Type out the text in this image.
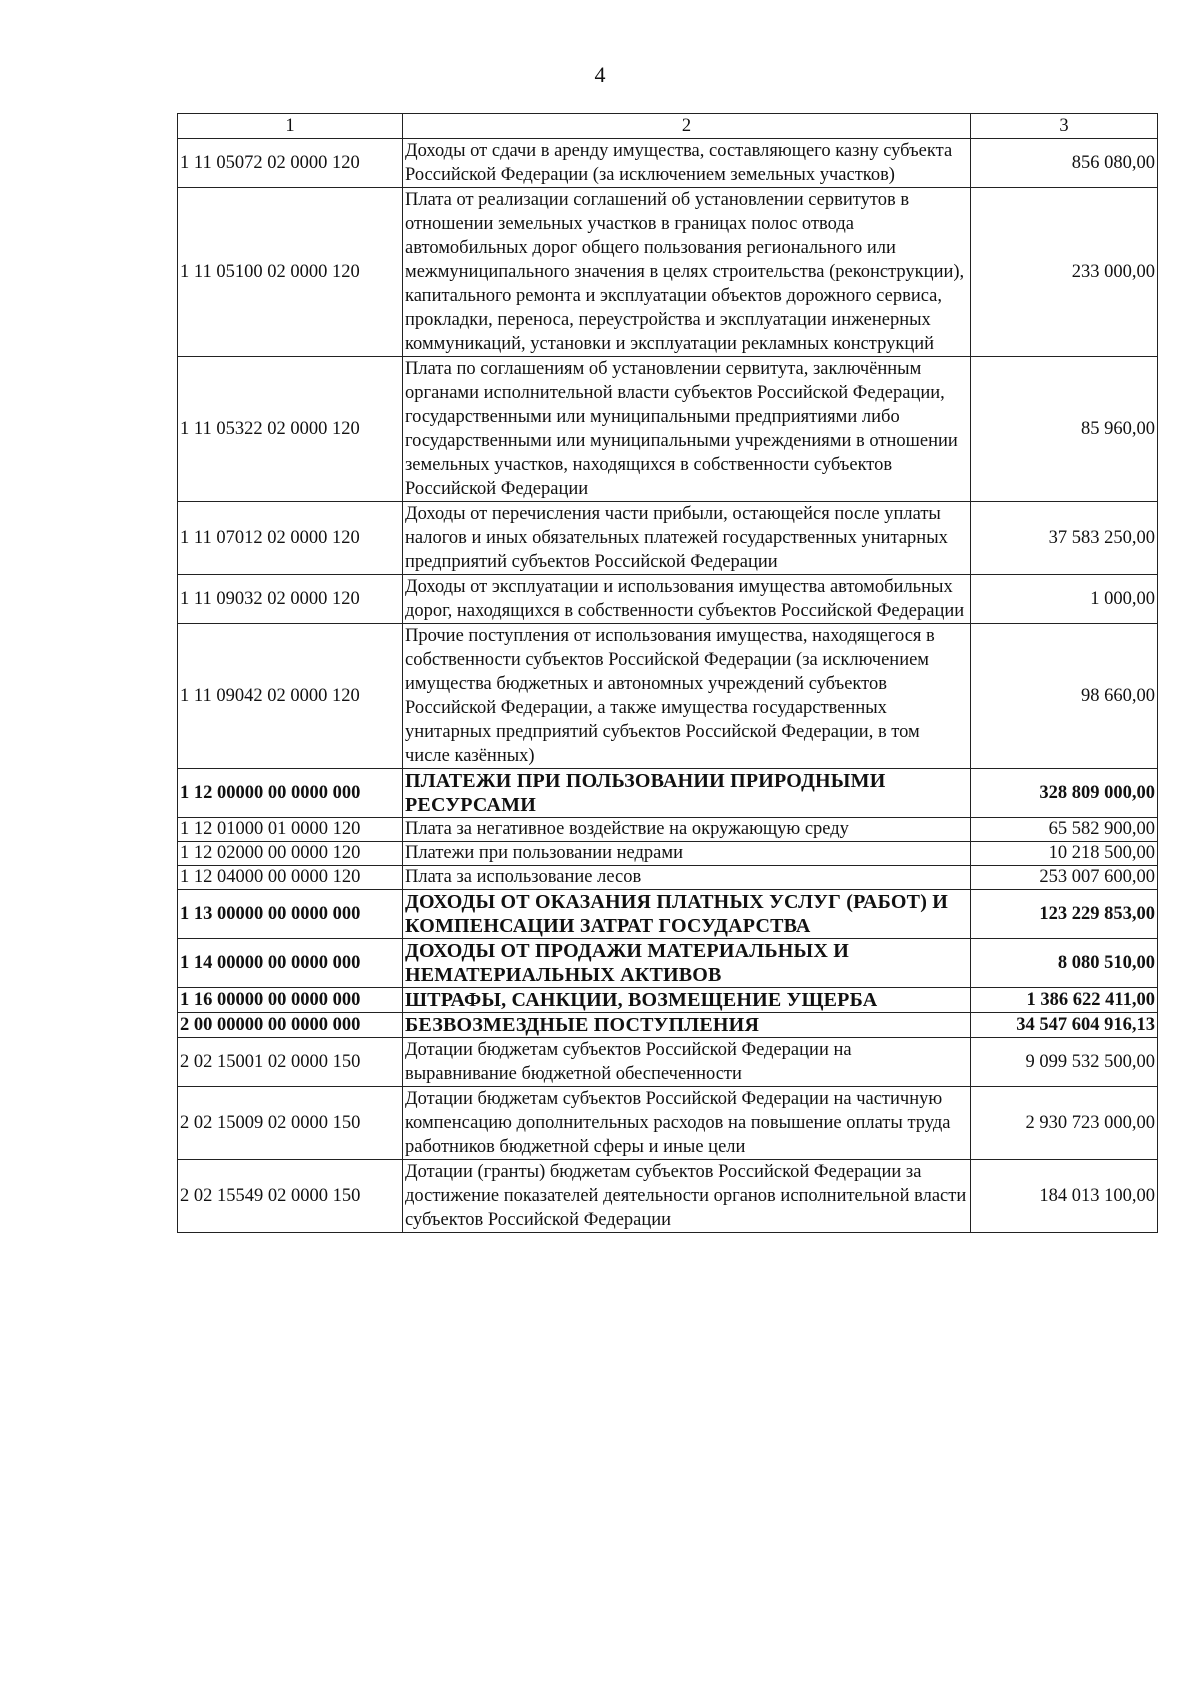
4
1	2	3
1 11 05072 02 0000 120	Доходы от сдачи в аренду имущества, составляющего казну субъекта Российской Федерации (за исключением земельных участков)	856 080,00
1 11 05100 02 0000 120	Плата от реализации соглашений об установлении сервитутов в отношении земельных участков в границах полос отвода автомобильных дорог общего пользования регионального или межмуниципального значения в целях строительства (реконструкции), капитального ремонта и эксплуатации объектов дорожного сервиса, прокладки, переноса, переустройства и эксплуатации инженерных коммуникаций, установки и эксплуатации рекламных конструкций	233 000,00
1 11 05322 02 0000 120	Плата по соглашениям об установлении сервитута, заключённым органами исполнительной власти субъектов Российской Федерации, государственными или муниципальными предприятиями либо государственными или муниципальными учреждениями в отношении земельных участков, находящихся в собственности субъектов Российской Федерации	85 960,00
1 11 07012 02 0000 120	Доходы от перечисления части прибыли, остающейся после уплаты налогов и иных обязательных платежей государственных унитарных предприятий субъектов Российской Федерации	37 583 250,00
1 11 09032 02 0000 120	Доходы от эксплуатации и использования имущества автомобильных дорог, находящихся в собственности субъектов Российской Федерации	1 000,00
1 11 09042 02 0000 120	Прочие поступления от использования имущества, находящегося в собственности субъектов Российской Федерации (за исключением имущества бюджетных и автономных учреждений субъектов Российской Федерации, а также имущества государственных унитарных предприятий субъектов Российской Федерации, в том числе казённых)	98 660,00
1 12 00000 00 0000 000	ПЛАТЕЖИ ПРИ ПОЛЬЗОВАНИИ ПРИРОДНЫМИ РЕСУРСАМИ	328 809 000,00
1 12 01000 01 0000 120	Плата за негативное воздействие на окружающую среду	65 582 900,00
1 12 02000 00 0000 120	Платежи при пользовании недрами	10 218 500,00
1 12 04000 00 0000 120	Плата за использование лесов	253 007 600,00
1 13 00000 00 0000 000	ДОХОДЫ ОТ ОКАЗАНИЯ ПЛАТНЫХ УСЛУГ (РАБОТ) И КОМПЕНСАЦИИ ЗАТРАТ ГОСУДАРСТВА	123 229 853,00
1 14 00000 00 0000 000	ДОХОДЫ ОТ ПРОДАЖИ МАТЕРИАЛЬНЫХ И НЕМАТЕРИАЛЬНЫХ АКТИВОВ	8 080 510,00
1 16 00000 00 0000 000	ШТРАФЫ, САНКЦИИ, ВОЗМЕЩЕНИЕ УЩЕРБА	1 386 622 411,00
2 00 00000 00 0000 000	БЕЗВОЗМЕЗДНЫЕ ПОСТУПЛЕНИЯ	34 547 604 916,13
2 02 15001 02 0000 150	Дотации бюджетам субъектов Российской Федерации на выравнивание бюджетной обеспеченности	9 099 532 500,00
2 02 15009 02 0000 150	Дотации бюджетам субъектов Российской Федерации на частичную компенсацию дополнительных расходов на повышение оплаты труда работников бюджетной сферы и иные цели	2 930 723 000,00
2 02 15549 02 0000 150	Дотации (гранты) бюджетам субъектов Российской Федерации за достижение показателей деятельности органов исполнительной власти субъектов Российской Федерации	184 013 100,00
